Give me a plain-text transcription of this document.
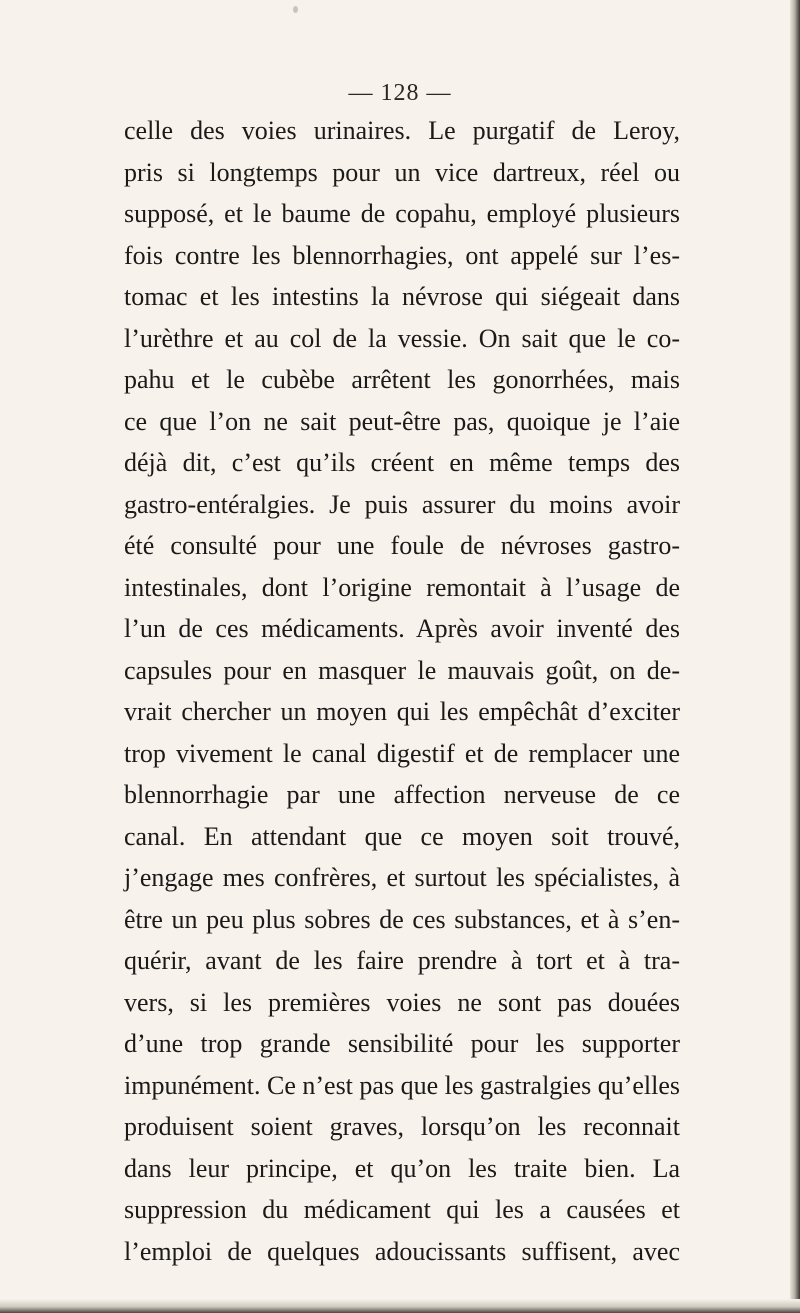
— 128 —
celle des voies urinaires. Le purgatif de Leroy,
pris si longtemps pour un vice dartreux, réel ou
supposé, et le baume de copahu, employé plusieurs
fois contre les blennorrhagies, ont appelé sur l’es-
tomac et les intestins la névrose qui siégeait dans
l’urèthre et au col de la vessie. On sait que le co-
pahu et le cubèbe arrêtent les gonorrhées, mais
ce que l’on ne sait peut-être pas, quoique je l’aie
déjà dit, c’est qu’ils créent en même temps des
gastro-entéralgies. Je puis assurer du moins avoir
été consulté pour une foule de névroses gastro-
intestinales, dont l’origine remontait à l’usage de
l’un de ces médicaments. Après avoir inventé des
capsules pour en masquer le mauvais goût, on de-
vrait chercher un moyen qui les empêchât d’exciter
trop vivement le canal digestif et de remplacer une
blennorrhagie par une affection nerveuse de ce
canal. En attendant que ce moyen soit trouvé,
j’engage mes confrères, et surtout les spécialistes, à
être un peu plus sobres de ces substances, et à s’en-
quérir, avant de les faire prendre à tort et à tra-
vers, si les premières voies ne sont pas douées
d’une trop grande sensibilité pour les supporter
impunément. Ce n’est pas que les gastralgies qu’elles
produisent soient graves, lorsqu’on les reconnait
dans leur principe, et qu’on les traite bien. La
suppression du médicament qui les a causées et
l’emploi de quelques adoucissants suffisent, avec
